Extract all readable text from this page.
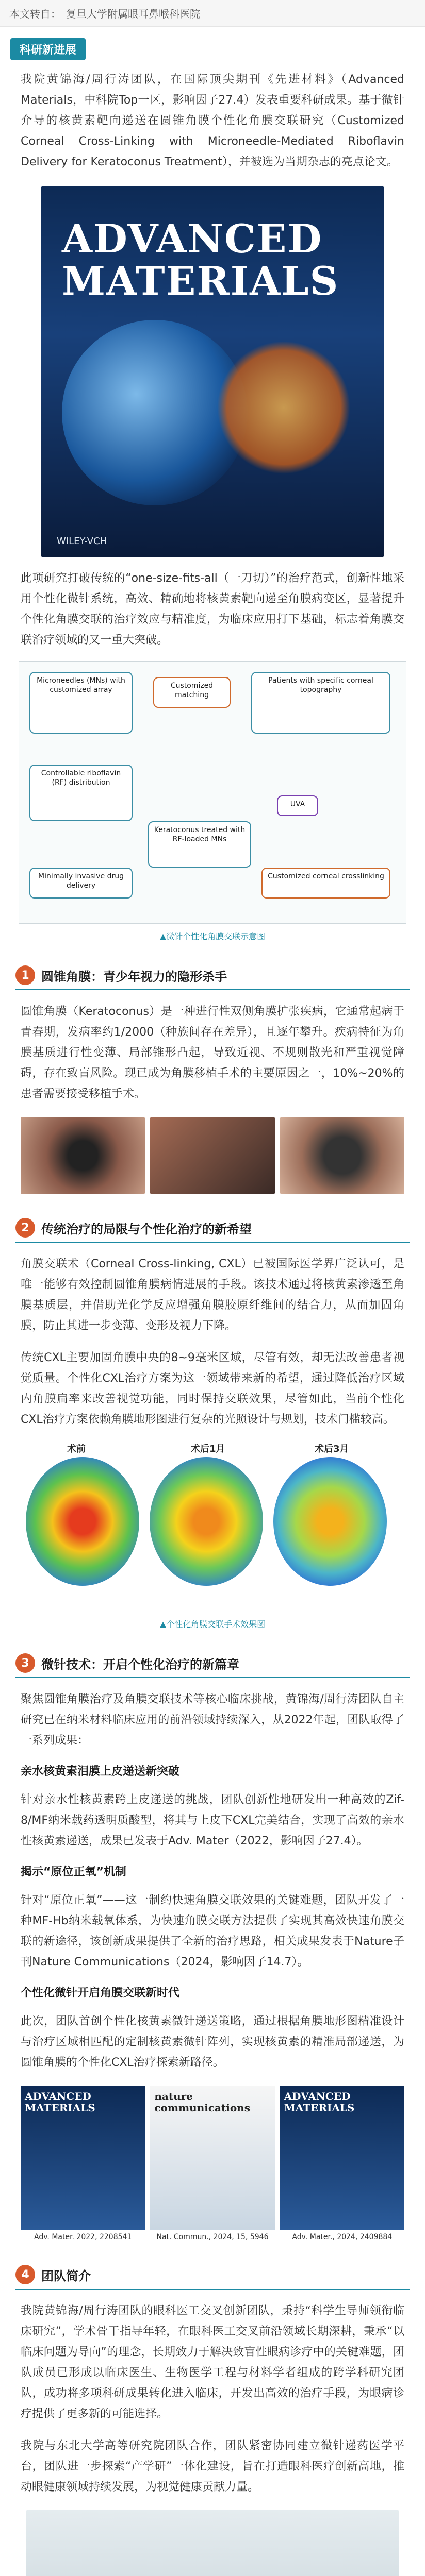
本文转自： 复旦大学附属眼耳鼻喉科医院
科研新进展

我院黄锦海/周行涛团队，在国际顶尖期刊《先进材料》（Advanced Materials，中科院Top一区，影响因子27.4）发表重要科研成果。基于微针介导的核黄素靶向递送在圆锥角膜个性化角膜交联研究（Customized Corneal Cross-Linking with Microneedle-Mediated Riboflavin Delivery for Keratoconus Treatment），并被选为当期杂志的亮点论文。

ADVANCED
MATERIALS
WILEY-VCH

此项研究打破传统的“one-size-fits-all（一刀切）”的治疗范式，创新性地采用个性化微针系统，高效、精确地将核黄素靶向递至角膜病变区，显著提升个性化角膜交联的治疗效应与精准度，为临床应用打下基础，标志着角膜交联治疗领域的又一重大突破。

Microneedles (MNs) with customized array	Customized matching
Patients with specific corneal topography
Controllable riboflavin (RF) distribution
Keratoconus treated with RF-loaded MNs
UVA
Customized corneal crosslinking
Minimally invasive drug delivery
▲微针个性化角膜交联示意图
1 圆锥角膜：青少年视力的隐形杀手

圆锥角膜（Keratoconus）是一种进行性双侧角膜扩张疾病，它通常起病于青春期，发病率约1/2000（种族间存在差异），且逐年攀升。疾病特征为角膜基质进行性变薄、局部锥形凸起，导致近视、不规则散光和严重视觉障碍，存在致盲风险。现已成为角膜移植手术的主要原因之一，10%~20%的患者需要接受移植手术。

2 传统治疗的局限与个性化治疗的新希望

角膜交联术（Corneal Cross-linking, CXL）已被国际医学界广泛认可，是唯一能够有效控制圆锥角膜病情进展的手段。该技术通过将核黄素渗透至角膜基质层，并借助光化学反应增强角膜胶原纤维间的结合力，从而加固角膜，防止其进一步变薄、变形及视力下降。

传统CXL主要加固角膜中央的8~9毫米区域，尽管有效，却无法改善患者视觉质量。个性化CXL治疗方案为这一领域带来新的希望，通过降低治疗区域内角膜扁率来改善视觉功能，同时保持交联效果，尽管如此，当前个性化CXL治疗方案依赖角膜地形图进行复杂的光照设计与规划，技术门槛较高。

术前	术后1月	术后3月
▲个性化角膜交联手术效果图
3 微针技术：开启个性化治疗的新篇章

聚焦圆锥角膜治疗及角膜交联技术等核心临床挑战，黄锦海/周行涛团队自主研究已在纳米材料临床应用的前沿领域持续深入，从2022年起，团队取得了一系列成果：

亲水核黄素泪膜上皮递送新突破

针对亲水性核黄素跨上皮递送的挑战，团队创新性地研发出一种高效的Zif-8/MF纳米载药透明质酸型，将其与上皮下CXL完美结合，实现了高效的亲水性核黄素递送，成果已发表于Adv. Mater（2022，影响因子27.4）。

揭示“原位正氧”机制

针对“原位正氧”——这一制约快速角膜交联效果的关键难题，团队开发了一种MF-Hb纳米载氧体系，为快速角膜交联方法提供了实现其高效快速角膜交联的新途径，该创新成果提供了全新的治疗思路，相关成果发表于Nature子刊Nature Communications（2024，影响因子14.7）。

个性化微针开启角膜交联新时代

此次，团队首创个性化核黄素微针递送策略，通过根据角膜地形图精准设计与治疗区域相匹配的定制核黄素微针阵列，实现核黄素的精准局部递送，为圆锥角膜的个性化CXL治疗探索新路径。

ADVANCED MATERIALS
Adv. Mater. 2022, 2208541
nature communications
Nat. Commun., 2024, 15, 5946
ADVANCED MATERIALS
Adv. Mater., 2024, 2409884
4 团队简介

我院黄锦海/周行涛团队的眼科医工交叉创新团队，秉持“科学生导师领衔临床研究”，学术骨干指导年轻，在眼科医工交叉前沿领域长期深耕，秉承“以临床问题为导向”的理念，长期致力于解决致盲性眼病诊疗中的关键难题，团队成员已形成以临床医生、生物医学工程与材料学者组成的跨学科研究团队，成功将多项科研成果转化进入临床，开发出高效的治疗手段，为眼病诊疗提供了更多新的可能选择。

我院与东北大学高等研究院团队合作，团队紧密协同建立微针递药医学平台，团队进一步探索“产学研”一体化建设，旨在打造眼科医疗创新高地，推动眼健康领域持续发展，为视觉健康贡献力量。
